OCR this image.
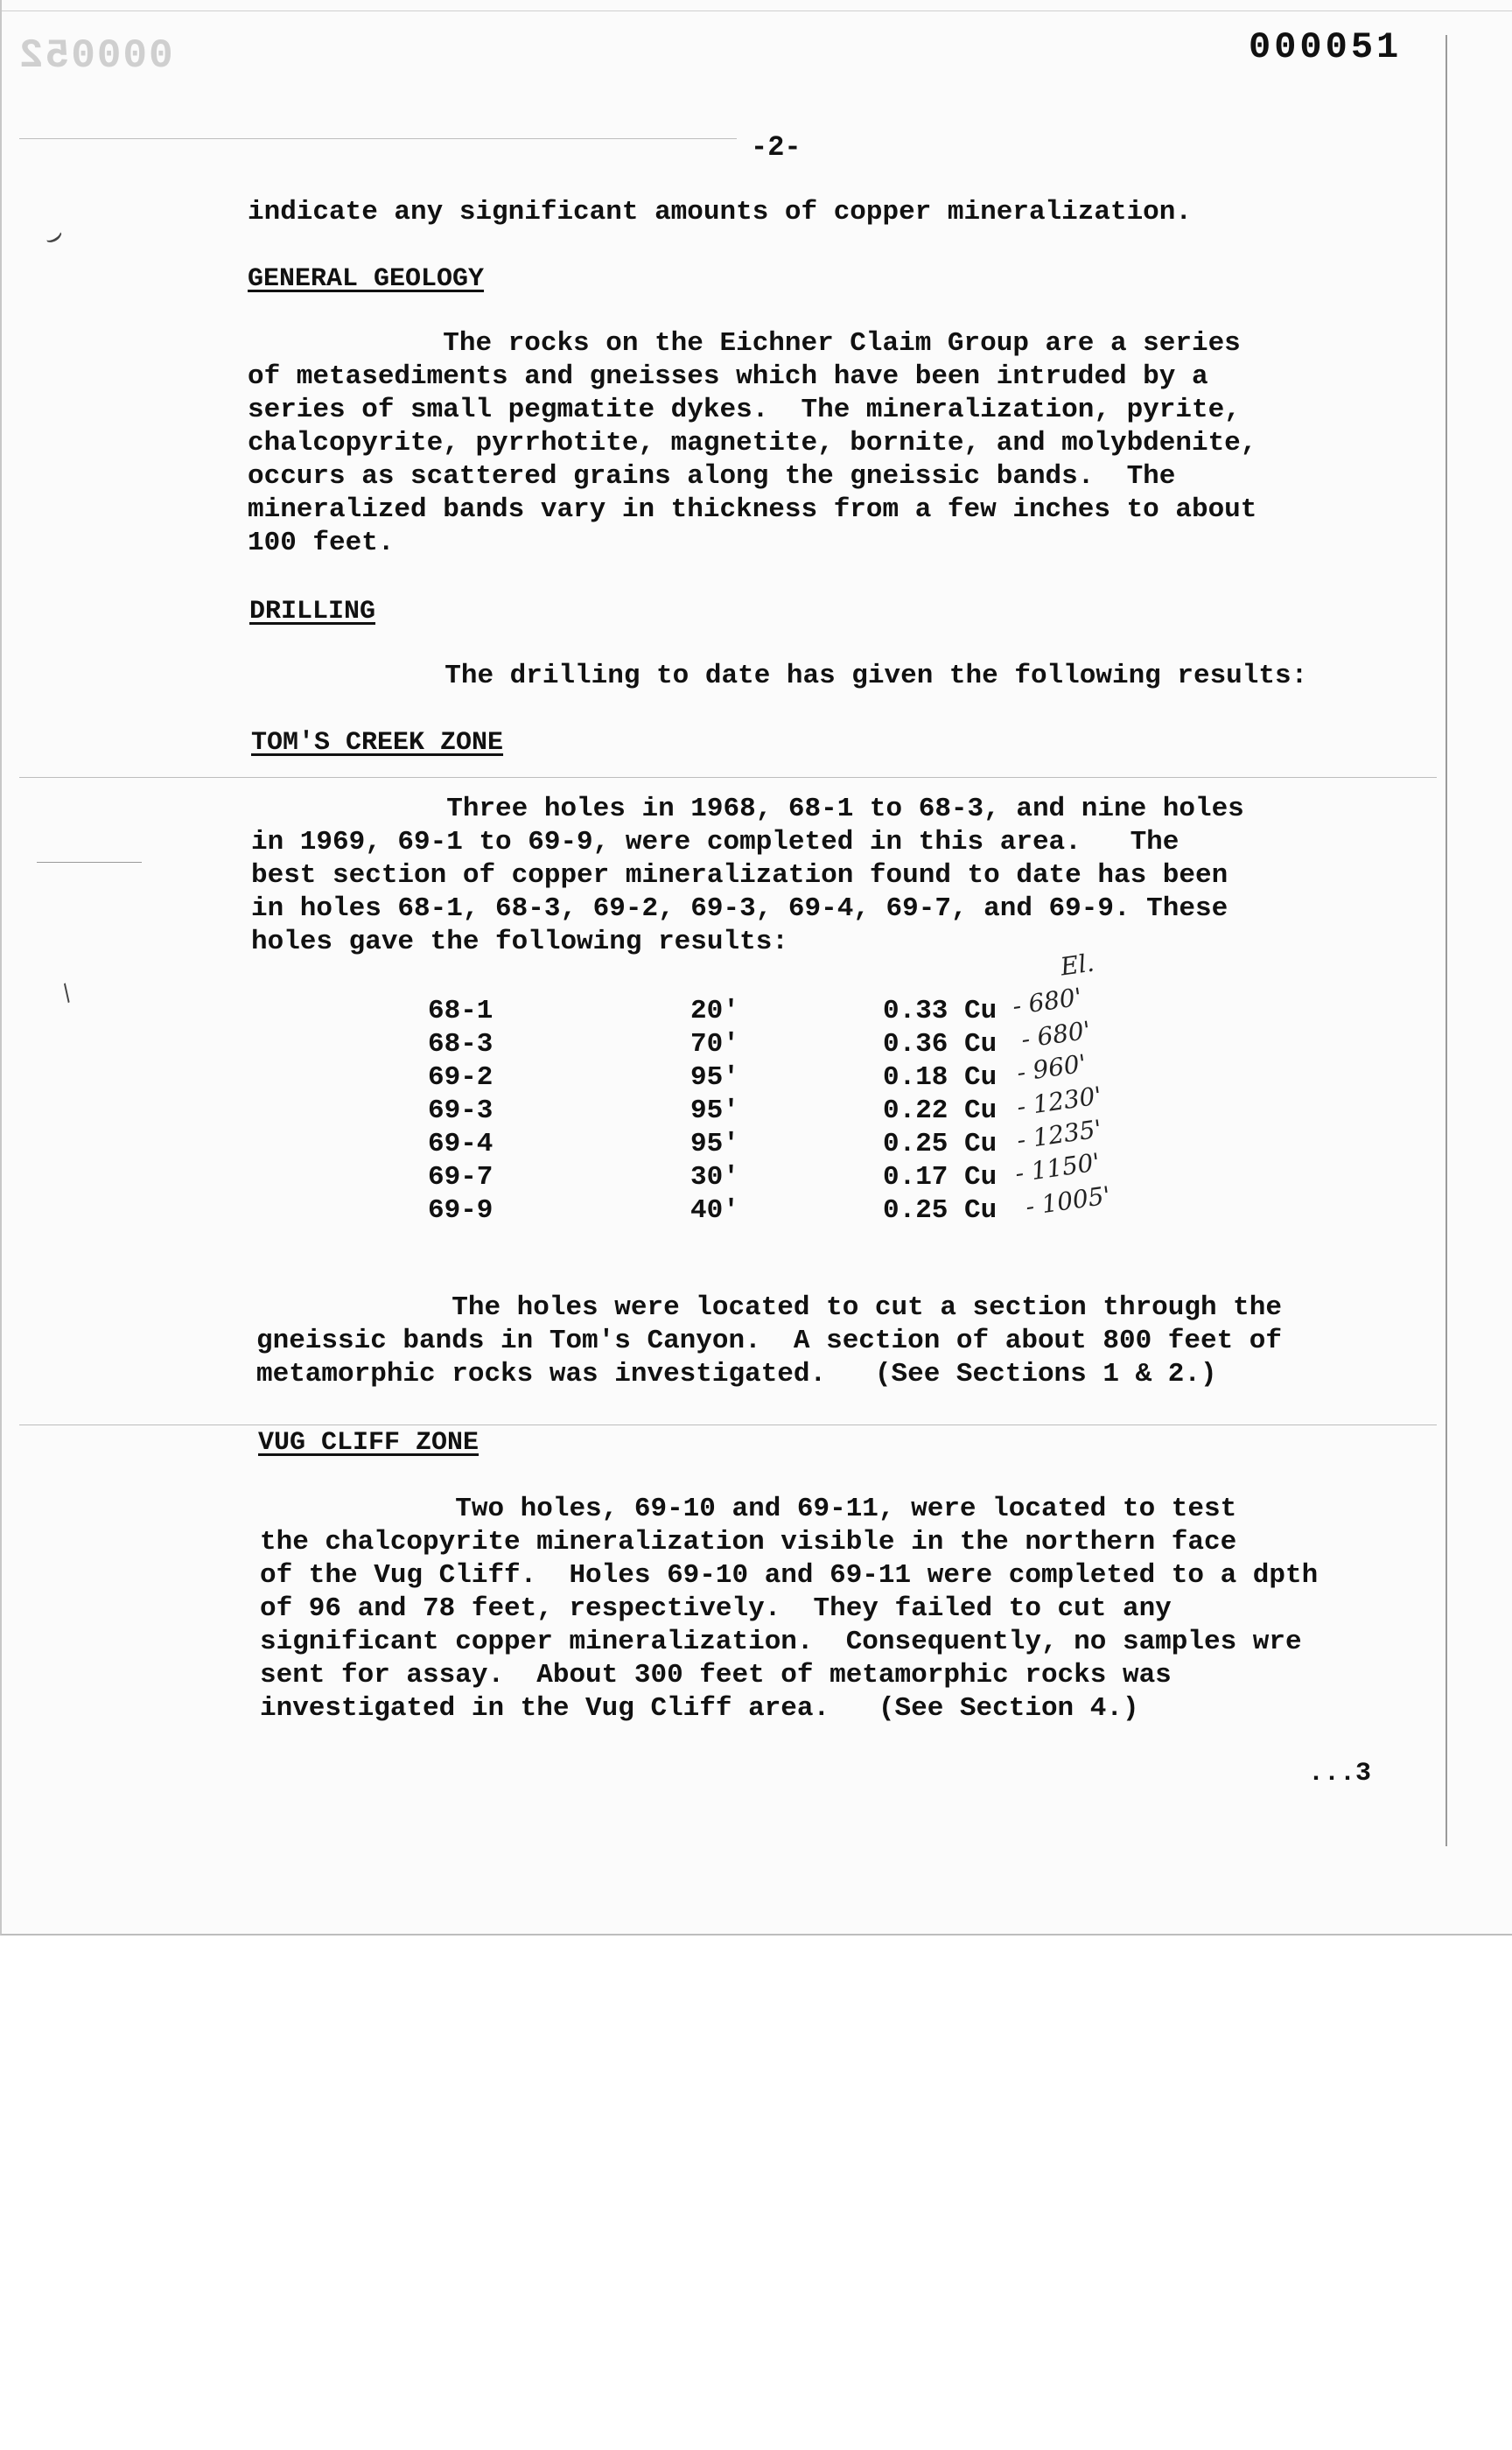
000052	000051
-2-
⌣
/
indicate any significant amounts of copper mineralization.
GENERAL GEOLOGY
The rocks on the Eichner Claim Group are a series
of metasediments and gneisses which have been intruded by a
series of small pegmatite dykes.  The mineralization, pyrite,
chalcopyrite, pyrrhotite, magnetite, bornite, and molybdenite,
occurs as scattered grains along the gneissic bands.  The
mineralized bands vary in thickness from a few inches to about
100 feet.
DRILLING
The drilling to date has given the following results:
TOM'S CREEK ZONE
Three holes in 1968, 68-1 to 68-3, and nine holes
in 1969, 69-1 to 69-9, were completed in this area.   The
best section of copper mineralization found to date has been
in holes 68-1, 68-3, 69-2, 69-3, 69-4, 69-7, and 69-9. These
holes gave the following results:
El.
68-1	20'	0.33 Cu - 680'
68-3	70'	0.36 Cu - 680'
69-2	95'	0.18 Cu - 960'
69-3	95'	0.22 Cu - 1230'
69-4	95'	0.25 Cu - 1235'
69-7	30'	0.17 Cu - 1150'
69-9	40'	0.25 Cu - 1005'
The holes were located to cut a section through the
gneissic bands in Tom's Canyon.  A section of about 800 feet of
metamorphic rocks was investigated.   (See Sections 1 & 2.)
VUG CLIFF ZONE
Two holes, 69-10 and 69-11, were located to test
the chalcopyrite mineralization visible in the northern face
of the Vug Cliff.  Holes 69-10 and 69-11 were completed to a dpth
of 96 and 78 feet, respectively.  They failed to cut any
significant copper mineralization.  Consequently, no samples wre
sent for assay.  About 300 feet of metamorphic rocks was
investigated in the Vug Cliff area.   (See Section 4.)
...3
